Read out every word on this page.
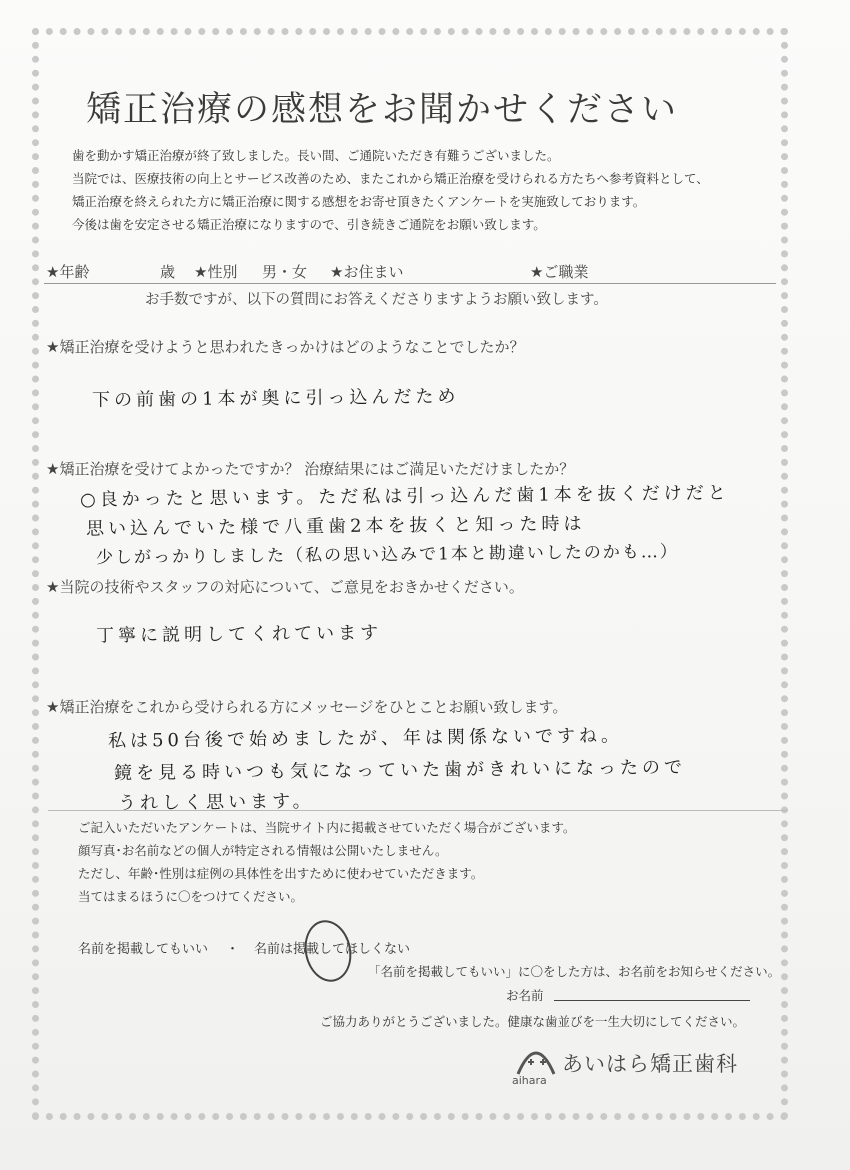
矯正治療の感想をお聞かせください

歯を動かす矯正治療が終了致しました。長い間、ご通院いただき有難うございました。

当院では、医療技術の向上とサービス改善のため、またこれから矯正治療を受けられる方たちへ参考資料として、

矯正治療を終えられた方に矯正治療に関する感想をお寄せ頂きたくアンケートを実施致しております。

今後は歯を安定させる矯正治療になりますので、引き続きご通院をお願い致します。

★年齢	歳 ★性別 男・女 ★お住まい	★ご職業

お手数ですが、以下の質問にお答えくださりますようお願い致します。

★矯正治療を受けようと思われたきっかけはどのようなことでしたか？

下の前歯の1本が奥に引っ込んだため

★矯正治療を受けてよかったですか？ 治療結果にはご満足いただけましたか？

○良かったと思います。ただ私は引っ込んだ歯1本を抜くだけだと

思い込んでいた様で八重歯2本を抜くと知った時は

少しがっかりしました（私の思い込みで1本と勘違いしたのかも…）

★当院の技術やスタッフの対応について、ご意見をおきかせください。

丁寧に説明してくれています

★矯正治療をこれから受けられる方にメッセージをひとことお願い致します。

私は50台後で始めましたが、年は関係ないですね。

鏡を見る時いつも気になっていた歯がきれいになったので

うれしく思います。

ご記入いただいたアンケートは、当院サイト内に掲載させていただく場合がございます。

顔写真･お名前などの個人が特定される情報は公開いたしません。

ただし、年齢･性別は症例の具体性を出すために使わせていただきます。

当てはまるほうに〇をつけてください。

名前を掲載してもいい ・ 名前は掲載してほしくない
「名前を掲載してもいい」に〇をした方は、お名前をお知らせください。
お名前
ご協力ありがとうございました。健康な歯並びを一生大切にしてください。
あいはら矯正歯科
aihara
